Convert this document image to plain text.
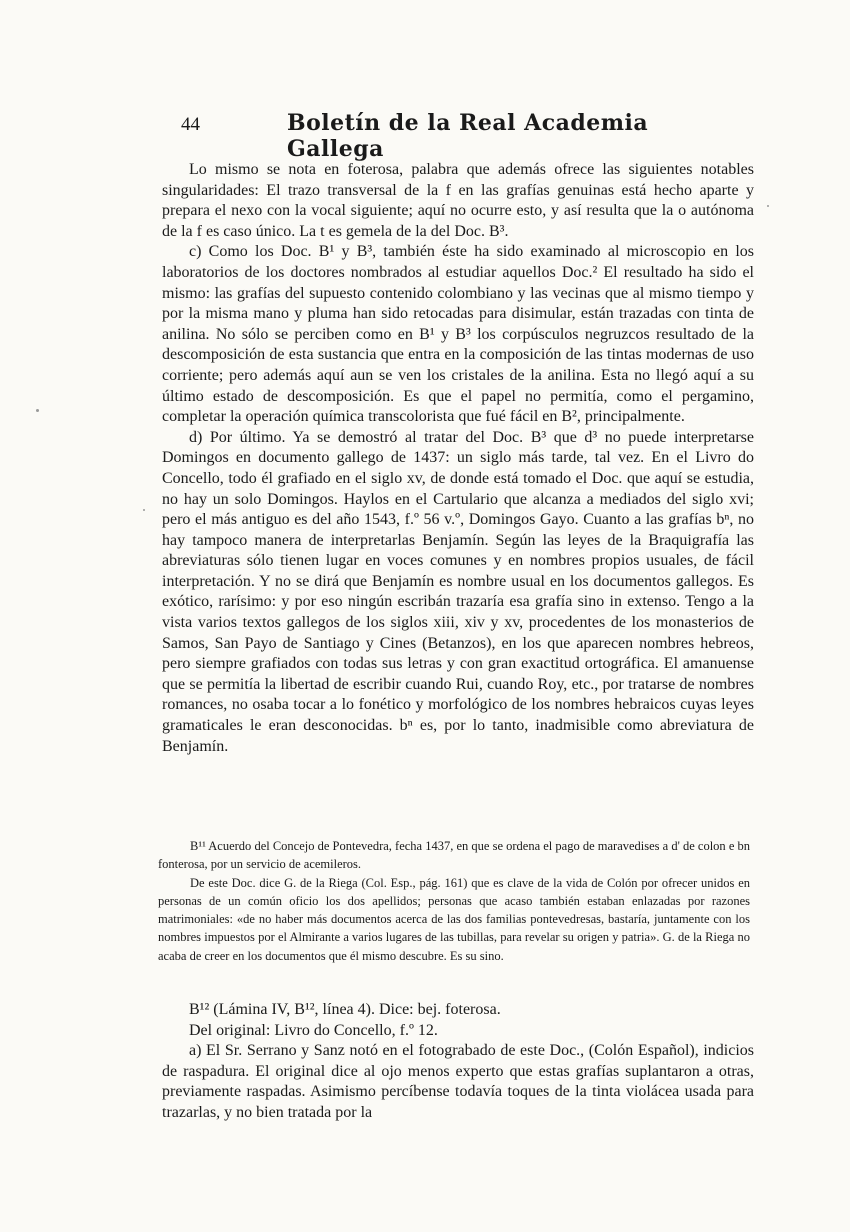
44	Boletín de la Real Academia Gallega

Lo mismo se nota en foterosa, palabra que además ofrece las siguientes notables singularidades: El trazo transversal de la f en las grafías genuinas está hecho aparte y prepara el nexo con la vocal siguiente; aquí no ocurre esto, y así resulta que la o autónoma de la f es caso único. La t es gemela de la del Doc. B³.

c) Como los Doc. B¹ y B³, también éste ha sido examinado al microscopio en los laboratorios de los doctores nombrados al estudiar aquellos Doc.² El resultado ha sido el mismo: las grafías del supuesto contenido colombiano y las vecinas que al mismo tiempo y por la misma mano y pluma han sido retocadas para disimular, están trazadas con tinta de anilina. No sólo se perciben como en B¹ y B³ los corpúsculos negruzcos resultado de la descomposición de esta sustancia que entra en la composición de las tintas modernas de uso corriente; pero además aquí aun se ven los cristales de la anilina. Esta no llegó aquí a su último estado de descomposición. Es que el papel no permitía, como el pergamino, completar la operación química transcolorista que fué fácil en B², principalmente.

d) Por último. Ya se demostró al tratar del Doc. B³ que d³ no puede interpretarse Domingos en documento gallego de 1437: un siglo más tarde, tal vez. En el Livro do Concello, todo él grafiado en el siglo xv, de donde está tomado el Doc. que aquí se estudia, no hay un solo Domingos. Haylos en el Cartulario que alcanza a mediados del siglo xvi; pero el más antiguo es del año 1543, f.º 56 v.º, Domingos Gayo. Cuanto a las grafías bⁿ, no hay tampoco manera de interpretarlas Benjamín. Según las leyes de la Braquigrafía las abreviaturas sólo tienen lugar en voces comunes y en nombres propios usuales, de fácil interpretación. Y no se dirá que Benjamín es nombre usual en los documentos gallegos. Es exótico, rarísimo: y por eso ningún escribán trazaría esa grafía sino in extenso. Tengo a la vista varios textos gallegos de los siglos xiii, xiv y xv, procedentes de los monasterios de Samos, San Payo de Santiago y Cines (Betanzos), en los que aparecen nombres hebreos, pero siempre grafiados con todas sus letras y con gran exactitud ortográfica. El amanuense que se permitía la libertad de escribir cuando Rui, cuando Roy, etc., por tratarse de nombres romances, no osaba tocar a lo fonético y morfológico de los nombres hebraicos cuyas leyes gramaticales le eran desconocidas. bⁿ es, por lo tanto, inadmisible como abreviatura de Benjamín.

B¹¹ Acuerdo del Concejo de Pontevedra, fecha 1437, en que se ordena el pago de maravedises a d' de colon e bn fonterosa, por un servicio de acemileros.

De este Doc. dice G. de la Riega (Col. Esp., pág. 161) que es clave de la vida de Colón por ofrecer unidos en personas de un común oficio los dos apellidos; personas que acaso también estaban enlazadas por razones matrimoniales: «de no haber más documentos acerca de las dos familias pontevedresas, bastaría, juntamente con los nombres impuestos por el Almirante a varios lugares de las tubillas, para revelar su origen y patria». G. de la Riega no acaba de creer en los documentos que él mismo descubre. Es su sino.

B¹² (Lámina IV, B¹², línea 4). Dice: bej. foterosa.

Del original: Livro do Concello, f.º 12.

a) El Sr. Serrano y Sanz notó en el fotograbado de este Doc., (Colón Español), indicios de raspadura. El original dice al ojo menos experto que estas grafías suplantaron a otras, previamente raspadas. Asimismo percíbense todavía toques de la tinta violácea usada para trazarlas, y no bien tratada por la
